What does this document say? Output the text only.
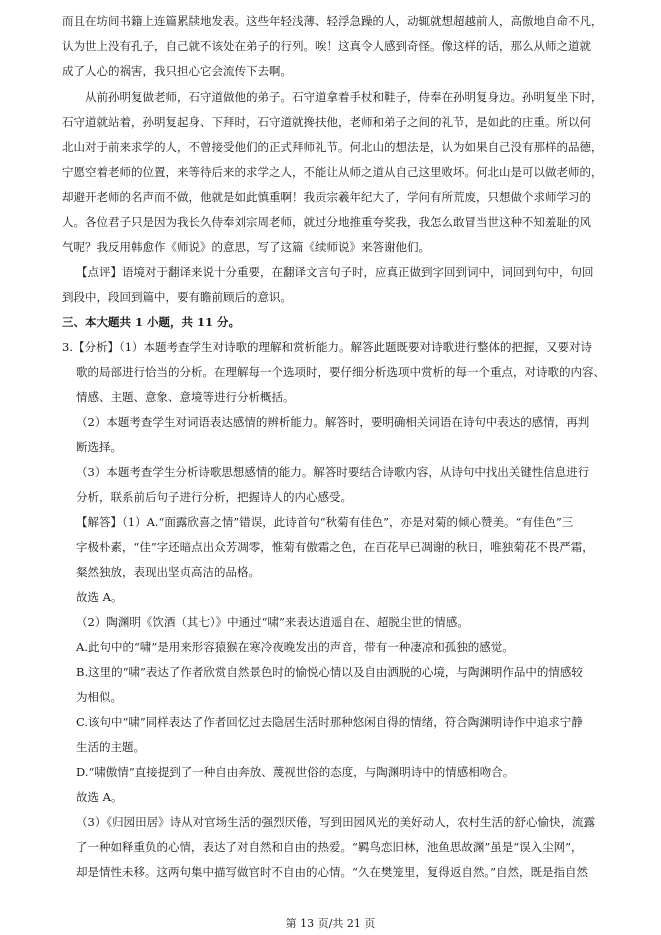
而且在坊间书籍上连篇累牍地发表。这些年轻浅薄、轻浮急躁的人，动辄就想超越前人，高傲地自命不凡，
认为世上没有孔子，自己就不该处在弟子的行列。唉！这真令人感到奇怪。像这样的话，那么从师之道就
成了人心的祸害，我只担心它会流传下去啊。
从前孙明复做老师，石守道做他的弟子。石守道拿着手杖和鞋子，侍奉在孙明复身边。孙明复坐下时，
石守道就站着，孙明复起身、下拜时，石守道就搀扶他，老师和弟子之间的礼节，是如此的庄重。所以何
北山对于前来求学的人，不曾接受他们的正式拜师礼节。何北山的想法是，认为如果自己没有那样的品德，
宁愿空着老师的位置，来等待后来的求学之人，不能让从师之道从自己这里败坏。何北山是可以做老师的，
却避开老师的名声而不做，他就是如此慎重啊！我贡宗羲年纪大了，学问有所荒废，只想做个求师学习的
人。各位君子只是因为我长久侍奉刘宗周老师，就过分地推重夸奖我，我怎么敢冒当世这种不知羞耻的风
气呢？我反用韩愈作《师说》的意思，写了这篇《续师说》来答谢他们。
【点评】语境对于翻译来说十分重要，在翻译文言句子时，应真正做到字回到词中，词回到句中，句回
到段中，段回到篇中，要有瞻前顾后的意识。
三、本大题共 1 小题，共 11 分。
3.【分析】（1）本题考查学生对诗歌的理解和赏析能力。解答此题既要对诗歌进行整体的把握，又要对诗
歌的局部进行恰当的分析。在理解每一个选项时，要仔细分析选项中赏析的每一个重点，对诗歌的内容、
情感、主题、意象、意境等进行分析概括。
（2）本题考查学生对词语表达感情的辨析能力。解答时，要明确相关词语在诗句中表达的感情，再判
断选择。
（3）本题考查学生分析诗歌思想感情的能力。解答时要结合诗歌内容，从诗句中找出关键性信息进行
分析，联系前后句子进行分析，把握诗人的内心感受。
【解答】（1）A.“面露欣喜之情”错误，此诗首句“秋菊有佳色”，亦是对菊的倾心赞美。“有佳色”三
字极朴素，“佳”字还暗点出众芳凋零，惟菊有傲霜之色，在百花早已凋谢的秋日，唯独菊花不畏严霜，
粲然独放，表现出坚贞高洁的品格。
故选 A。
（2）陶渊明《饮酒（其七）》中通过“啸”来表达逍遥自在、超脱尘世的情感。
A.此句中的“啸”是用来形容猿猴在寒冷夜晚发出的声音，带有一种凄凉和孤独的感觉。
B.这里的“啸”表达了作者欣赏自然景色时的愉悦心情以及自由洒脱的心境，与陶渊明作品中的情感较
为相似。
C.该句中“啸”同样表达了作者回忆过去隐居生活时那种悠闲自得的情绪，符合陶渊明诗作中追求宁静
生活的主题。
D.“啸傲情”直接提到了一种自由奔放、蔑视世俗的态度，与陶渊明诗中的情感相吻合。
故选 A。
（3）《归园田居》诗从对官场生活的强烈厌倦，写到田园风光的美好动人，农村生活的舒心愉快，流露
了一种如释重负的心情，表达了对自然和自由的热爱。“羁鸟恋旧林，池鱼思故渊”虽是“误入尘网”，
却是情性未移。这两句集中描写做官时不自由的心情。“久在樊笼里，复得返自然。”自然，既是指自然
第 13 页/共 21 页
